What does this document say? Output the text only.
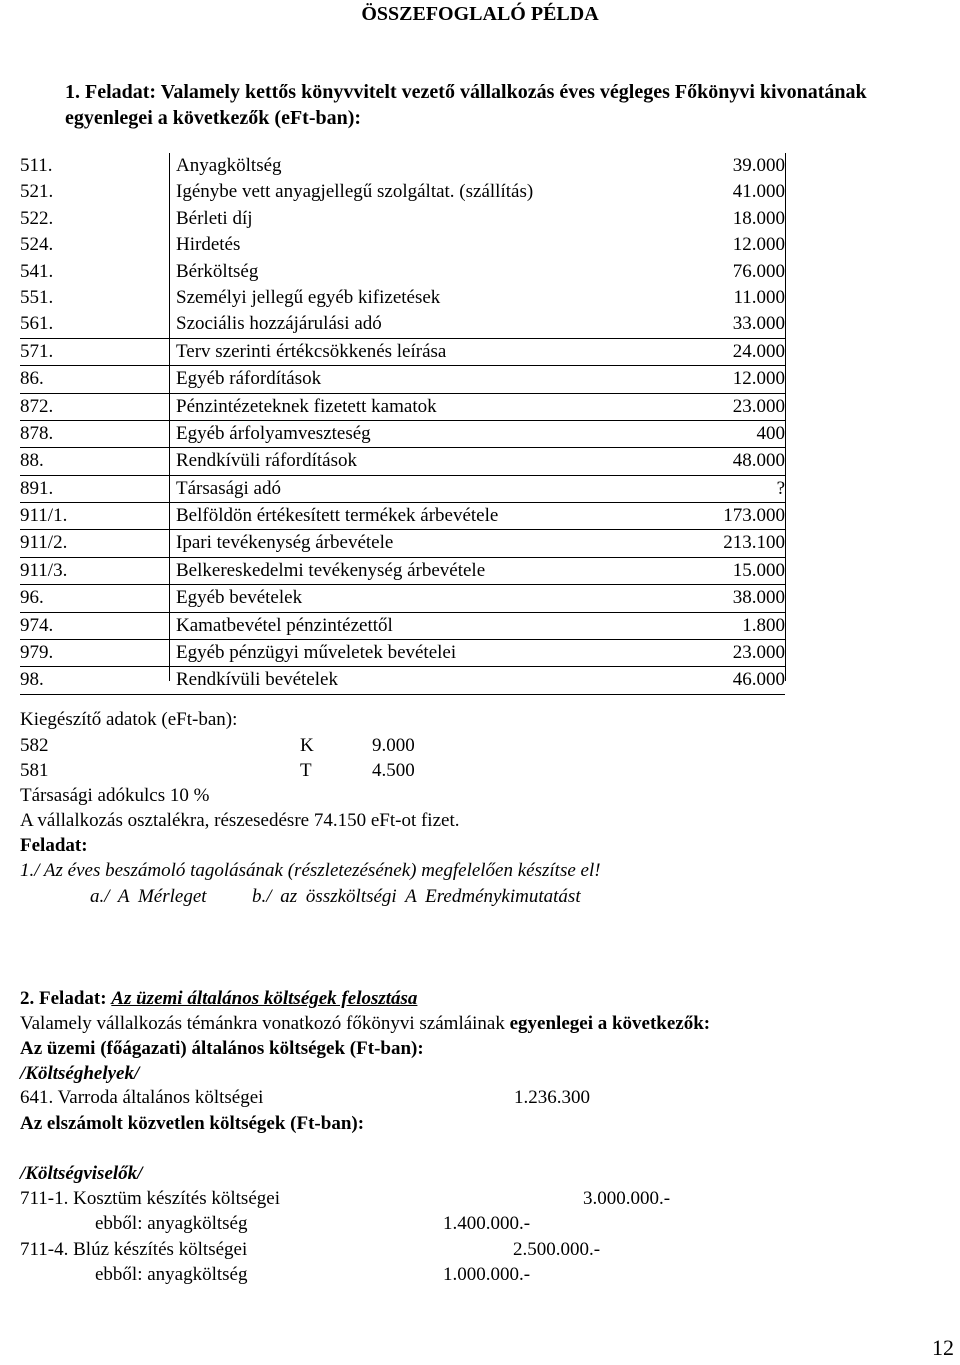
ÖSSZEFOGLALÓ PÉLDA
1. Feladat: Valamely kettős könyvvitelt vezető vállalkozás éves végleges Főkönyvi kivonatának egyenlegei a következők (eFt-ban):
511.	Anyagköltség	39.000
521.	Igénybe vett anyagjellegű szolgáltat. (szállítás)	41.000
522.	Bérleti díj	18.000
524.	Hirdetés	12.000
541.	Bérköltség	76.000
551.	Személyi jellegű egyéb kifizetések	11.000
561.	Szociális hozzájárulási adó	33.000
571.	Terv szerinti értékcsökkenés leírása	24.000
86.	Egyéb ráfordítások	12.000
872.	Pénzintézeteknek fizetett kamatok	23.000
878.	Egyéb árfolyamveszteség	400
88.	Rendkívüli ráfordítások	48.000
891.	Társasági adó	?
911/1.	Belföldön értékesített termékek árbevétele	173.000
911/2.	Ipari tevékenység árbevétele	213.100
911/3.	Belkereskedelmi tevékenység árbevétele	15.000
96.	Egyéb bevételek	38.000
974.	Kamatbevétel pénzintézettől	1.800
979.	Egyéb pénzügyi műveletek bevételei	23.000
98.	Rendkívüli bevételek	46.000
Kiegészítő adatok (eFt-ban):
582	K	9.000
581	T	4.500
Társasági adókulcs 10 %
A vállalkozás osztalékra, részesedésre 74.150 eFt-ot fizet.
Feladat:
1./ Az éves beszámoló tagolásának (részletezésének) megfelelően készítse el!
a./ A Mérleget b./ az összköltségi A Eredménykimutatást
2. Feladat: Az üzemi általános költségek felosztása
Valamely vállalkozás témánkra vonatkozó főkönyvi számláinak egyenlegei a következők:
Az üzemi (főágazati) általános költségek (Ft-ban):
/Költséghelyek/
641. Varroda általános költségei	1.236.300
Az elszámolt közvetlen költségek (Ft-ban):
/Költségviselők/
711-1. Kosztüm készítés költségei	3.000.000.-
ebből: anyagköltség	1.400.000.-
711-4. Blúz készítés költségei	2.500.000.-
ebből: anyagköltség	1.000.000.-
12
